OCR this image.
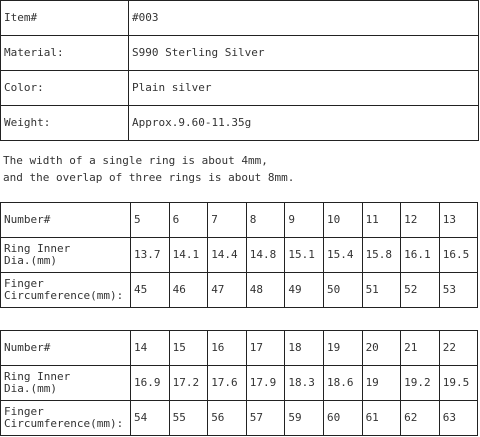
Item#	#003
Material:	S990 Sterling Silver
Color:	Plain silver
Weight:	Approx.9.60-11.35g
The width of a single ring is about 4mm,
and the overlap of three rings is about 8mm.
Number#	5	6	7	8	9	10	11	12	13

Ring Inner
Dia.(mm)	13.7	14.1	14.4	14.8	15.1	15.4	15.8	16.1	16.5

Finger
Circumference(mm):	45	46	47	48	49	50	51	52	53
Number#	14	15	16	17	18	19	20	21	22

Ring Inner
Dia.(mm)	16.9	17.2	17.6	17.9	18.3	18.6	19	19.2	19.5

Finger
Circumference(mm):	54	55	56	57	59	60	61	62	63
